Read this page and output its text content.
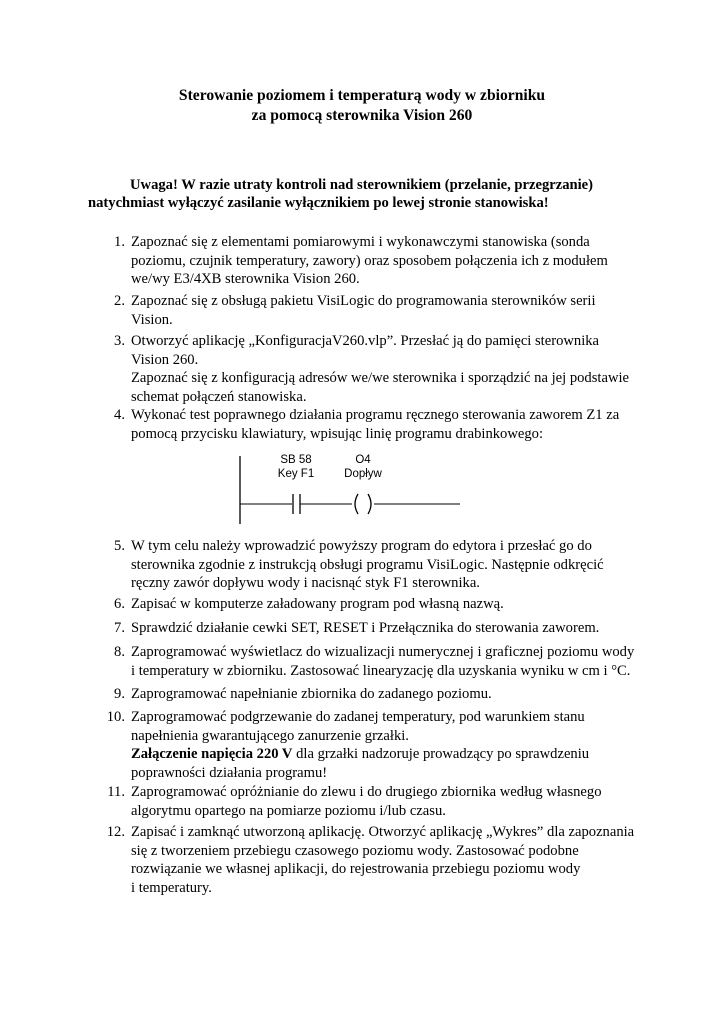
Sterowanie poziomem i temperaturą wody w zbiorniku
za pomocą sterownika Vision 260
Uwaga! W razie utraty kontroli nad sterownikiem (przelanie, przegrzanie)
natychmiast wyłączyć zasilanie wyłącznikiem po lewej stronie stanowiska!
1. Zapoznać się z elementami pomiarowymi i wykonawczymi stanowiska (sonda
poziomu, czujnik temperatury, zawory) oraz sposobem połączenia ich z modułem
we/wy E3/4XB sterownika Vision 260.
2. Zapoznać się z obsługą pakietu VisiLogic do programowania sterowników serii
Vision.
3. Otworzyć aplikację „KonfiguracjaV260.vlp”. Przesłać ją do pamięci sterownika
Vision 260.
Zapoznać się z konfiguracją adresów we/we sterownika i sporządzić na jej podstawie
schemat połączeń stanowiska.
4. Wykonać test poprawnego działania programu ręcznego sterowania zaworem Z1 za
pomocą przycisku klawiatury, wpisując linię programu drabinkowego:
5. W tym celu należy wprowadzić powyższy program do edytora i przesłać go do
sterownika zgodnie z instrukcją obsługi programu VisiLogic. Następnie odkręcić
ręczny zawór dopływu wody i nacisnąć styk F1 sterownika.
6. Zapisać w komputerze załadowany program pod własną nazwą.
7. Sprawdzić działanie cewki SET, RESET i Przełącznika do sterowania zaworem.
8. Zaprogramować wyświetlacz do wizualizacji numerycznej i graficznej poziomu wody
i temperatury w zbiorniku. Zastosować linearyzację dla uzyskania wyniku w cm i °C.
9. Zaprogramować napełnianie zbiornika do zadanego poziomu.
10. Zaprogramować podgrzewanie do zadanej temperatury, pod warunkiem stanu
napełnienia gwarantującego zanurzenie grzałki.
Załączenie napięcia 220 V dla grzałki nadzoruje prowadzący po sprawdzeniu
poprawności działania programu!
11. Zaprogramować opróżnianie do zlewu i do drugiego zbiornika według własnego
algorytmu opartego na pomiarze poziomu i/lub czasu.
12. Zapisać i zamknąć utworzoną aplikację. Otworzyć aplikację „Wykres” dla zapoznania
się z tworzeniem przebiegu czasowego poziomu wody. Zastosować podobne
rozwiązanie we własnej aplikacji, do rejestrowania przebiegu poziomu wody
i temperatury.
SB 58
Key F1
O4
Dopływ
